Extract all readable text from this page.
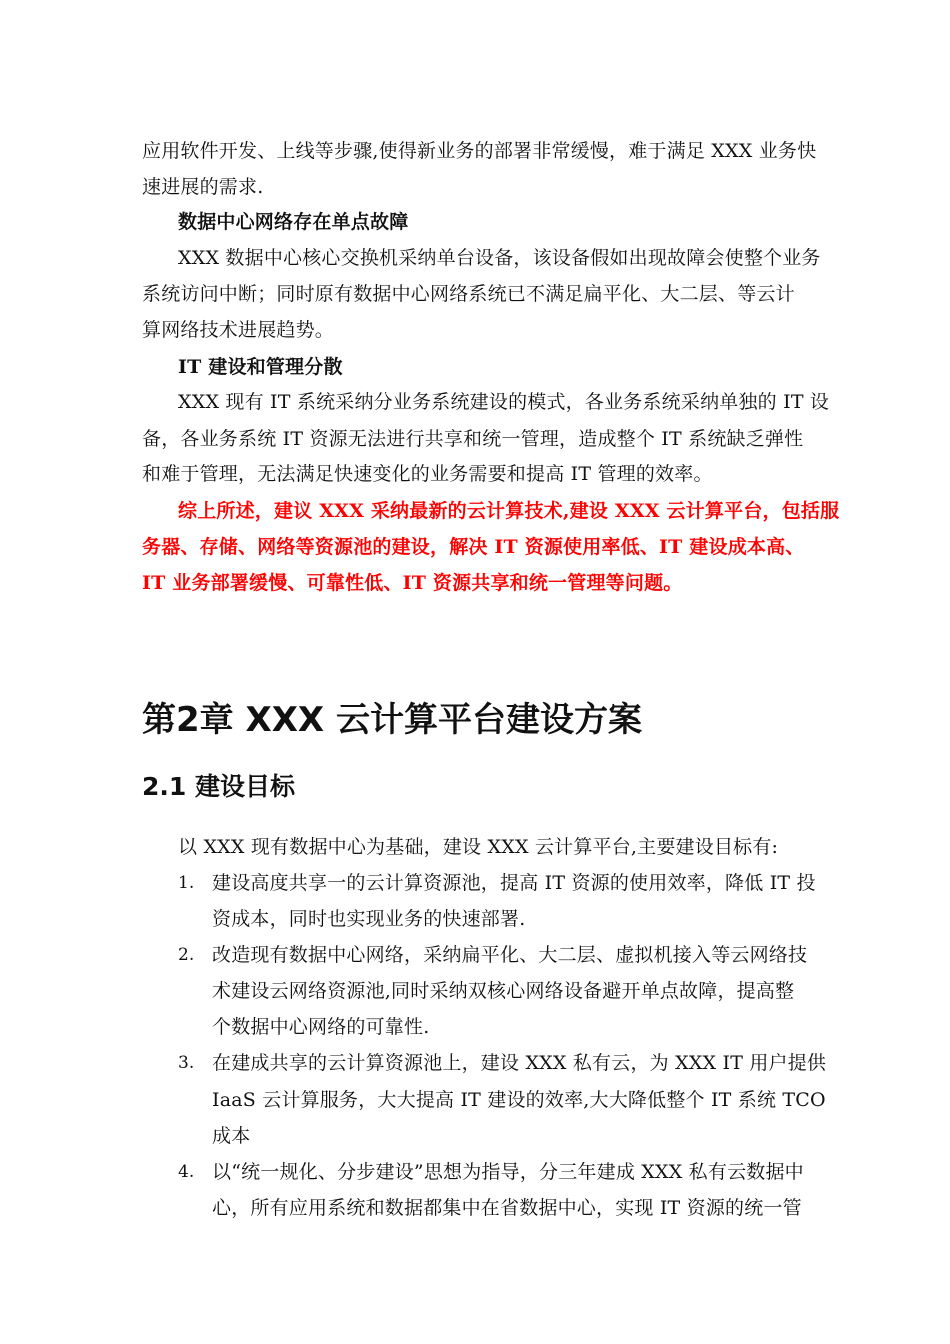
应用软件开发、上线等步骤,使得新业务的部署非常缓慢，难于满足 XXX 业务快
速进展的需求.
数据中心网络存在单点故障
XXX 数据中心核心交换机采纳单台设备，该设备假如出现故障会使整个业务
系统访问中断；同时原有数据中心网络系统已不满足扁平化、大二层、等云计
算网络技术进展趋势。
IT 建设和管理分散
XXX 现有 IT 系统采纳分业务系统建设的模式，各业务系统采纳单独的 IT 设
备，各业务系统 IT 资源无法进行共享和统一管理，造成整个 IT 系统缺乏弹性
和难于管理，无法满足快速变化的业务需要和提高 IT 管理的效率。
综上所述，建议 XXX 采纳最新的云计算技术,建设 XXX 云计算平台，包括服
务器、存储、网络等资源池的建设，解决 IT 资源使用率低、IT 建设成本高、
IT 业务部署缓慢、可靠性低、IT 资源共享和统一管理等问题。
第2章 XXX 云计算平台建设方案
2.1 建设目标
以 XXX 现有数据中心为基础，建设 XXX 云计算平台,主要建设目标有:
1. 建设高度共享一的云计算资源池，提高 IT 资源的使用效率，降低 IT 投
资成本，同时也实现业务的快速部署.
2. 改造现有数据中心网络，采纳扁平化、大二层、虚拟机接入等云网络技
术建设云网络资源池,同时采纳双核心网络设备避开单点故障，提高整
个数据中心网络的可靠性.
3. 在建成共享的云计算资源池上，建设 XXX 私有云，为 XXX IT 用户提供
IaaS 云计算服务，大大提高 IT 建设的效率,大大降低整个 IT 系统 TCO
成本
4. 以“统一规化、分步建设”思想为指导，分三年建成 XXX 私有云数据中
心，所有应用系统和数据都集中在省数据中心，实现 IT 资源的统一管
